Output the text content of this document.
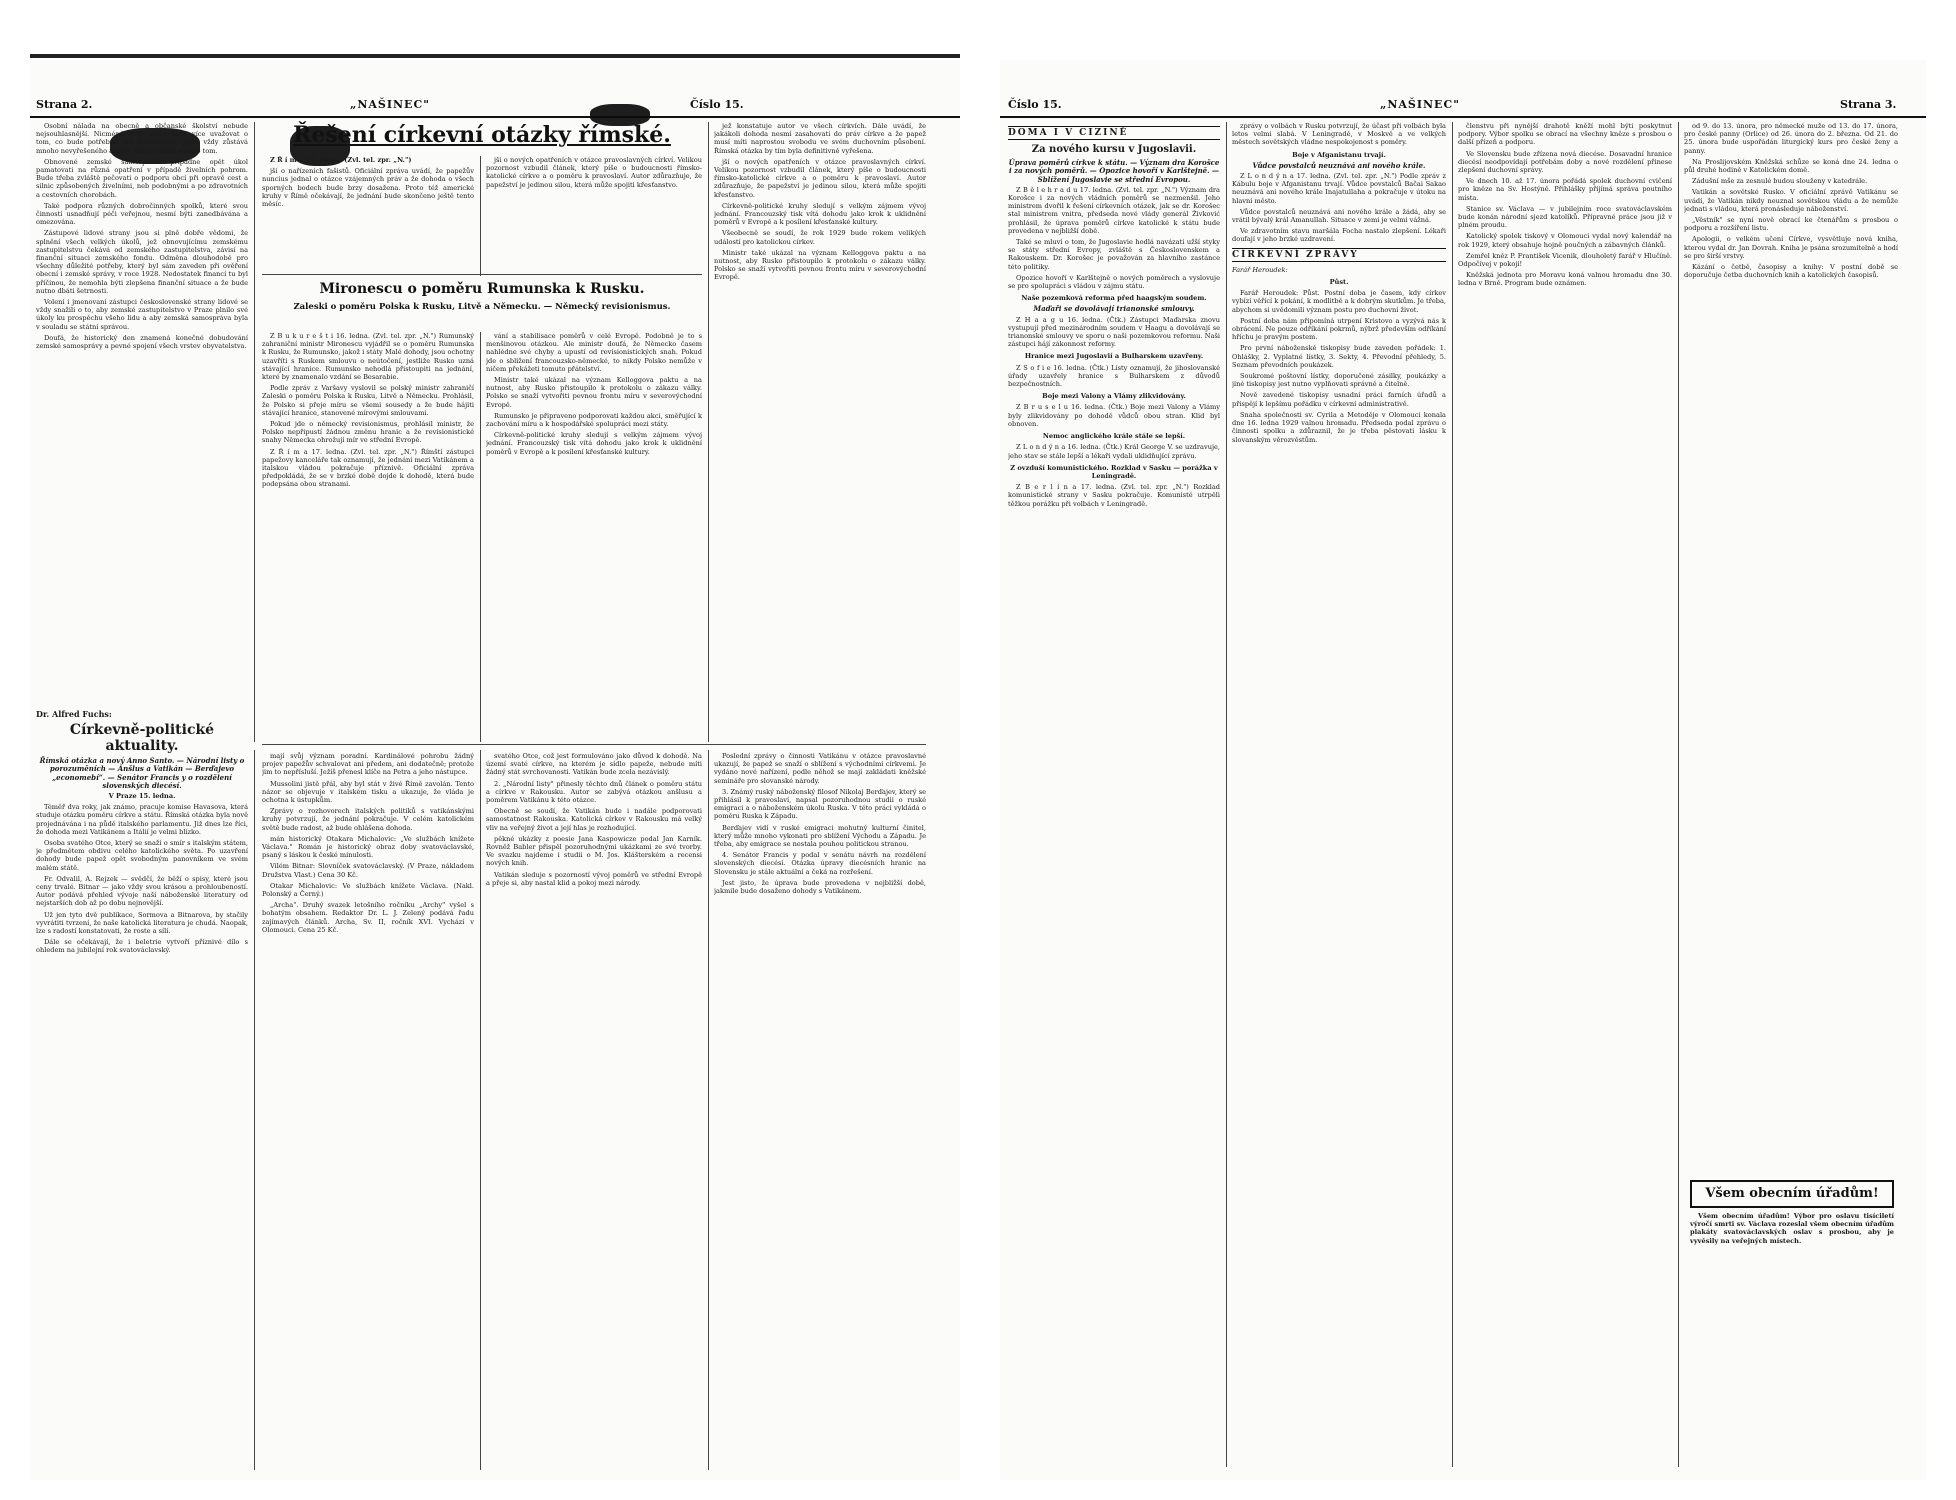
Strana 2.	„NAŠINEC"	Číslo 15.

Osobní nálada na obecně a občanské školství nebude nejsouhlasnější. Nicméně bude třeba stále více uvažovat o tom, co bude potřebné pro budoucnost. Ještě vždy zůstává mnoho nevyřešeného a bude nutno podati sonu o tom.

Obnovené zemské samosprávě případne opět úkol pamatovati na různá opatření v případě živelních pohrom. Bude třeba zvláště pečovati o podporu obcí při opravě cest a silnic způsobených živelními, neb podobnými a po zdravotních a cestovních chorobách.

Také podpora různých dobročinných spolků, které svou činností usnadňují péči veřejnou, nesmí býti zanedbávána a omezována.

Zástupové lidové strany jsou si plně dobře vědomi, že splnění všech velkých úkolů, jež obnovujícímu zemskému zastupitelstvu čekává od zemského zastupitelstva, závisí na finanční situaci zemského fondu. Odměna dlouhodobě pro všechny důležité potřeby, který byl sám zaveden při ověření obecní i zemské správy, v roce 1928. Nedostatek financí tu byl příčinou, že nemohla býti zlepšena finanční situace a že bude nutno dbáti šetrnosti.

Volení i jmenovaní zástupci československé strany lidové se vždy snažili o to, aby zemské zastupitelstvo v Praze plnilo své úkoly ku prospěchu všeho lidu a aby zemská samospráva byla v souladu se státní správou.

Doufá, že historický den znamená konečné dobudování zemské samosprávy a pevné spojení všech vrstev obyvatelstva.

Řešení církevní otázky římské.

Z Ř í m a 17. ledna. (Zvl. tel. zpr. „N.")

jší o nařízeních fašistů. Oficiální zpráva uvádí, že papežův nuncius jednal o otázce vzájemných práv a že dohoda o všech sporných bodech bude brzy dosažena. Proto též americké kruhy v Římě očekávají, že jednání bude skončeno ještě tento měsíc.

jší o nových opatřeních v otázce pravoslavných církví. Velikou pozornost vzbudil článek, který píše o budoucnosti římsko-katolické církve a o poměru k pravoslaví. Autor zdůrazňuje, že papežství je jedinou silou, která může spojiti křesťanstvo.

Mironescu o poměru Rumunska k Rusku.
Zaleski o poměru Polska k Rusku, Litvě a Německu. — Německý revisionismus.

Z B u k u r e š t i 16. ledna. (Zvl. tel. zpr. „N.") Rumunský zahraniční ministr Mironescu vyjádřil se o poměru Rumunska k Rusku, že Rumunsko, jakož i státy Malé dohody, jsou ochotny uzavříti s Ruskem smlouvu o neútočení, jestliže Rusko uzná stávající hranice. Rumunsko nehodlá přistoupiti na jednání, které by znamenalo vzdání se Besarabie.

Podle zpráv z Varšavy vyslovil se polský ministr zahraničí Zaleski o poměru Polska k Rusku, Litvě a Německu. Prohlásil, že Polsko si přeje míru se všemi sousedy a že bude hájiti stávající hranice, stanovené mírovými smlouvami.

Pokud jde o německý revisionismus, prohlásil ministr, že Polsko nepřipustí žádnou změnu hranic a že revisionistické snahy Německa ohrožují mír ve střední Evropě.

Z Ř í m a 17. ledna. (Zvl. tel. zpr. „N.") Římští zástupci papežovy kanceláře tak oznamují, že jednání mezi Vatikánem a italskou vládou pokračuje příznivě. Oficiální zpráva předpokládá, že se v brzké době dojde k dohodě, která bude podepsána obou stranami.

vání a stabilisace poměrů v celé Evropě. Podobně je to s menšinovou otázkou. Ale ministr doufá, že Německo časem nahlédne své chyby a upustí od revisionistických snah. Pokud jde o sblížení francouzsko-německé, to nikdy Polsko nemůže v ničem překážeti tomuto přátelství.

Ministr také ukázal na význam Kelloggova paktu a na nutnost, aby Rusko přistoupilo k protokolu o zákazu války. Polsko se snaží vytvořiti pevnou frontu míru v severovýchodní Evropě.

Rumunsko je připraveno podporovati každou akci, směřující k zachování míru a k hospodářské spolupráci mezi státy.

Církevně-politické kruhy sledují s velkým zájmem vývoj jednání. Francouzský tisk vítá dohodu jako krok k uklidnění poměrů v Evropě a k posílení křesťanské kultury.

jež konstatuje autor ve všech církvích. Dále uvádí, že jakákoli dohoda nesmí zasahovati do práv církve a že papež musí míti naprostou svobodu ve svém duchovním působení. Římská otázka by tím byla definitivně vyřešena.

jší o nových opatřeních v otázce pravoslavných církví. Velikou pozornost vzbudil článek, který píše o budoucnosti římsko-katolické církve a o poměru k pravoslaví. Autor zdůrazňuje, že papežství je jedinou silou, která může spojiti křesťanstvo.

Církevně-politické kruhy sledují s velkým zájmem vývoj jednání. Francouzský tisk vítá dohodu jako krok k uklidnění poměrů v Evropě a k posílení křesťanské kultury.

Všeobecně se soudí, že rok 1929 bude rokem velikých událostí pro katolickou církev.

Ministr také ukázal na význam Kelloggova paktu a na nutnost, aby Rusko přistoupilo k protokolu o zákazu války. Polsko se snaží vytvořiti pevnou frontu míru v severovýchodní Evropě.

Dr. Alfred Fuchs:

Církevně-politické aktuality.

Římská otázka a nový Anno Santo. — Národní listy o porozuměních — Anšlus a Vatikán — Berďajevo „economebí“. — Senátor Francis y o rozdělení slovenských diecésí.

V Praze 15. ledna.

Téměř dva roky, jak známo, pracuje komise Havasova, která studuje otázku poměru církve a státu. Římská otázka byla nově projednávána i na půdě italského parlamentu. Již dnes lze říci, že dohoda mezi Vatikánem a Itálií je velmi blízko.

Osoba svatého Otce, který se snaží o smír s italským státem, je předmětem obdivu celého katolického světa. Po uzavření dohody bude papež opět svobodným panovníkem ve svém malém státě.

Fr. Odvalil, A. Rejzek — svědčí, že běží o spisy, které jsou ceny trvalé. Bitnar — jako vždy svou krásou a prohloubeností. Autor podává přehled vývoje naší náboženské literatury od nejstarších dob až po dobu nejnovější.

Už jen tyto dvě publikace, Sormova a Bitnarova, by stačily vyvrátiti tvrzení, že naše katolická literatura je chudá. Naopak, lze s radostí konstatovati, že roste a sílí.

Dále se očekávají, že i beletrie vytvoří příznivé dílo s ohledem na jubilejní rok svatováclavský.

mají svůj význam poradní. Kardinálové pohrobu žádný projev papežův schvalovat ani předem, ani dodatečně; protože jim to nepřísluší. Ježíš přenesl klíče na Petra a jeho nástupce.

Mussolini jistě přál, aby byl stát v živé Římě zavolán. Tento názor se objevuje v italském tisku a ukazuje, že vláda je ochotna k ústupkům.

Zprávy o rozhovorech italských politiků s vatikánskými kruhy potvrzují, že jednání pokračuje. V celém katolickém světě bude radost, až bude ohlášena dohoda.

mán historický Otakara Michalovic: „Ve službách knížete Václava." Román je historický obraz doby svatováclavské, psaný s láskou k české minulosti.

Vilém Bitnar: Slovníček svatováclavský. (V Praze, nákladem Družstva Vlast.) Cena 30 Kč.

Otakar Michalovic: Ve službách knížete Václava. (Nakl. Polonský a Černý.)

„Archa". Druhý svazek letošního ročníku „Archy" vyšel s bohatým obsahem. Redaktor Dr. L. J. Zelený podává řadu zajímavých článků. Archa, Sv. II, ročník XVI. Vychází v Olomouci. Cena 25 Kč.

svatého Otce, což jest formulováno jako důvod k dohodě. Na území svaté církve, na kterém je sídlo papeže, nebude míti žádný stát svrchovanosti. Vatikán bude zcela nezávislý.

2. „Národní listy" přinesly těchto dnů článek o poměru státu a církve v Rakousku. Autor se zabývá otázkou anšlusu a poměrem Vatikánu k této otázce.

Obecně se soudí, že Vatikán bude i nadále podporovati samostatnost Rakouska. Katolická církev v Rakousku má velký vliv na veřejný život a její hlas je rozhodující.

pěkné ukázky z poesie Jana Kaspowicze podal Jan Karník. Rovněž Babler přispěl pozoruhodnými ukázkami ze své tvorby. Ve svazku najdeme i studii o M. Jos. Klášterském a recensi nových knih.

Vatikán sleduje s pozorností vývoj poměrů ve střední Evropě a přeje si, aby nastal klid a pokoj mezi národy.

Poslední zprávy o činnosti Vatikánu v otázce pravoslavné ukazují, že papež se snaží o sblížení s východními církvemi. Je vydáno nové nařízení, podle něhož se mají zakládati kněžské semináře pro slovanské národy.

3. Známý ruský náboženský filosof Nikolaj Berďajev, který se přihlásil k pravoslaví, napsal pozoruhodnou studii o ruské emigraci a o náboženském úkolu Ruska. V této práci vykládá o poměru Ruska k Západu.

Berďajev vidí v ruské emigraci mohutný kulturní činitel, který může mnoho vykonati pro sblížení Východu a Západu. Je třeba, aby emigrace se nestala pouhou politickou stranou.

4. Senátor Francis y podal v senátu návrh na rozdělení slovenských diecésí. Otázka úpravy diecésních hranic na Slovensku je stále aktuální a čeká na rozřešení.

Jest jisto, že úprava bude provedena v nejbližší době, jakmile bude dosaženo dohody s Vatikánem.

Číslo 15.	„NAŠINEC"	Strana 3.

DOMA I V CIZINĚ

Za nového kursu v Jugoslavii.

Úprava poměrů církve k státu. — Význam dra Korošce i za nových poměrů. — Opozice hovoří v Karlštejně. — Sblížení Jugoslavie se střední Evropou.

Z B ě l e h r a d u 17. ledna. (Zvl. tel. zpr. „N.") Význam dra Korošce i za nových vládních poměrů se nezmenšil. Jeho ministrem dvořil k řešení církevních otázek, jak se dr. Korošec stal ministrem vnitra, předseda nové vlády generál Živković prohlásil, že úprava poměrů církve katolické k státu bude provedena v nejbližší době.

Také se mluví o tom, že Jugoslavie hodlá navázati užší styky se státy střední Evropy, zvláště s Československem a Rakouskem. Dr. Korošec je považován za hlavního zastánce této politiky.

Opozice hovoří v Karlštejně o nových poměrech a vyslovuje se pro spolupráci s vládou v zájmu státu.

Naše pozemková reforma před haagským soudem.

Maďaři se dovolávají trianonské smlouvy.

Z H a a g u 16. ledna. (Čtk.) Zástupci Maďarska znovu vystupují před mezinárodním soudem v Haagu a dovolávají se trianonské smlouvy ve sporu o naši pozemkovou reformu. Naši zástupci hájí zákonnost reformy.

Hranice mezi Jugoslavií a Bulharskem uzavřeny.

Z S o f i e 16. ledna. (Čtk.) Listy oznamují, že jihoslovanské úřady uzavřely hranice s Bulharskem z důvodů bezpečnostních.

Boje mezi Valony a Vlámy zlikvidovány.

Z B r u s e l u 16. ledna. (Čtk.) Boje mezi Valony a Vlámy byly zlikvidovány po dohodě vůdců obou stran. Klid byl obnoven.

Nemoc anglického krále stále se lepší.

Z L o n d ý n a 16. ledna. (Čtk.) Král George V. se uzdravuje, jeho stav se stále lepší a lékaři vydali uklidňující zprávu.

Z ovzduší komunistického. Rozklad v Sasku — porážka v Leningradě.

Z B e r l í n a 17. ledna. (Zvl. tel. zpr. „N.") Rozklad komunistické strany v Sasku pokračuje. Komunisté utrpěli těžkou porážku při volbách v Leningradě.

zprávy o volbách v Rusku potvrzují, že účast při volbách byla letos velmi slabá. V Leningradě, v Moskvě a ve velkých městech sovětských vládne nespokojenost s poměry.

Boje v Afganistanu trvají.

Vůdce povstalců neuznává ani nového krále.

Z L o n d ý n a 17. ledna. (Zvl. tel. zpr. „N.") Podle zpráv z Kábulu boje v Afganistanu trvají. Vůdce povstalců Bačai Sakao neuznává ani nového krále Inajatullaha a pokračuje v útoku na hlavní město.

Vůdce povstalců neuznává ani nového krále a žádá, aby se vrátil bývalý král Amanullah. Situace v zemi je velmi vážná.

Ve zdravotním stavu maršála Focha nastalo zlepšení. Lékaři doufají v jeho brzké uzdravení.

CÍRKEVNÍ ZPRÁVY

Farář Heroudek:

Půst.

Farář Heroudek: Půst. Postní doba je časem, kdy církev vybízí věřící k pokání, k modlitbě a k dobrým skutkům. Je třeba, abychom si uvědomili význam postu pro duchovní život.

Postní doba nám připomíná utrpení Kristovo a vyzývá nás k obrácení. Ne pouze odříkání pokrmů, nýbrž především odříkání hříchu je pravým postem.

Pro první náboženské tiskopisy bude zaveden pořádek: 1. Ohlášky, 2. Vyplatné lístky, 3. Sekty, 4. Převodní přehledy, 5. Seznam převodních poukázek.

Soukromé poštovní lístky, doporučené zásilky, poukázky a jiné tiskopisy jest nutno vyplňovati správně a čitelně.

Nově zavedené tiskopisy usnadní práci farních úřadů a přispějí k lepšímu pořádku v církevní administrativě.

Snaha společnosti sv. Cyrila a Metoděje v Olomouci konala dne 16. ledna 1929 valnou hromadu. Předseda podal zprávu o činnosti spolku a zdůraznil, že je třeba pěstovati lásku k slovanským věrozvěstům.

členstvu při nynější drahotě kněží mohl býti poskytnut podpory. Výbor spolku se obrací na všechny kněze s prosbou o další přízeň a podporu.

Ve Slovensku bude zřízena nová diecése. Dosavadní hranice diecésí neodpovídají potřebám doby a nové rozdělení přinese zlepšení duchovní správy.

Ve dnech 10. až 17. února pořádá spolek duchovní cvičení pro kněze na Sv. Hostýně. Přihlášky přijímá správa poutního místa.

Stanice sv. Václava — v jubilejním roce svatováclavském bude konán národní sjezd katolíků. Přípravné práce jsou již v plném proudu.

Katolický spolek tiskový v Olomouci vydal nový kalendář na rok 1929, který obsahuje hojně poučných a zábavných článků.

Zemřel kněz P. František Vicenik, dlouholetý farář v Hlučíně. Odpočívej v pokoji!

Kněžská jednota pro Moravu koná valnou hromadu dne 30. ledna v Brně. Program bude oznámen.

od 9. do 13. února, pro německé muže od 13. do 17. února, pro české panny (Orlice) od 26. února do 2. března. Od 21. do 25. února bude uspořádán liturgický kurs pro české ženy a panny.

Na Proslijovském Kněžská schůze se koná dne 24. ledna o půl druhé hodině v Katolickém domě.

Zádušní mše za zesnulé budou slouženy v katedrále.

Vatikán a sovětské Rusko. V oficiální zprávě Vatikánu se uvádí, že Vatikán nikdy neuznal sovětskou vládu a že nemůže jednati s vládou, která pronásleduje náboženství.

„Věstník" se nyní nově obrací ke čtenářům s prosbou o podporu a rozšíření listu.

Apologii, o velkém učení Církve, vysvětluje nová kniha, kterou vydal dr. Jan Dovrah. Kniha je psána srozumitelně a hodí se pro širší vrstvy.

Kázání o četbě, časopisy a knihy: V postní době se doporučuje četba duchovních knih a katolických časopisů.

Všem obecním úřadům!

Všem obecním úřadům! Výbor pro oslavu tisíciletí výročí smrti sv. Václava rozeslal všem obecním úřadům plakáty svatováclavských oslav s prosbou, aby je vyvěsily na veřejných místech.
